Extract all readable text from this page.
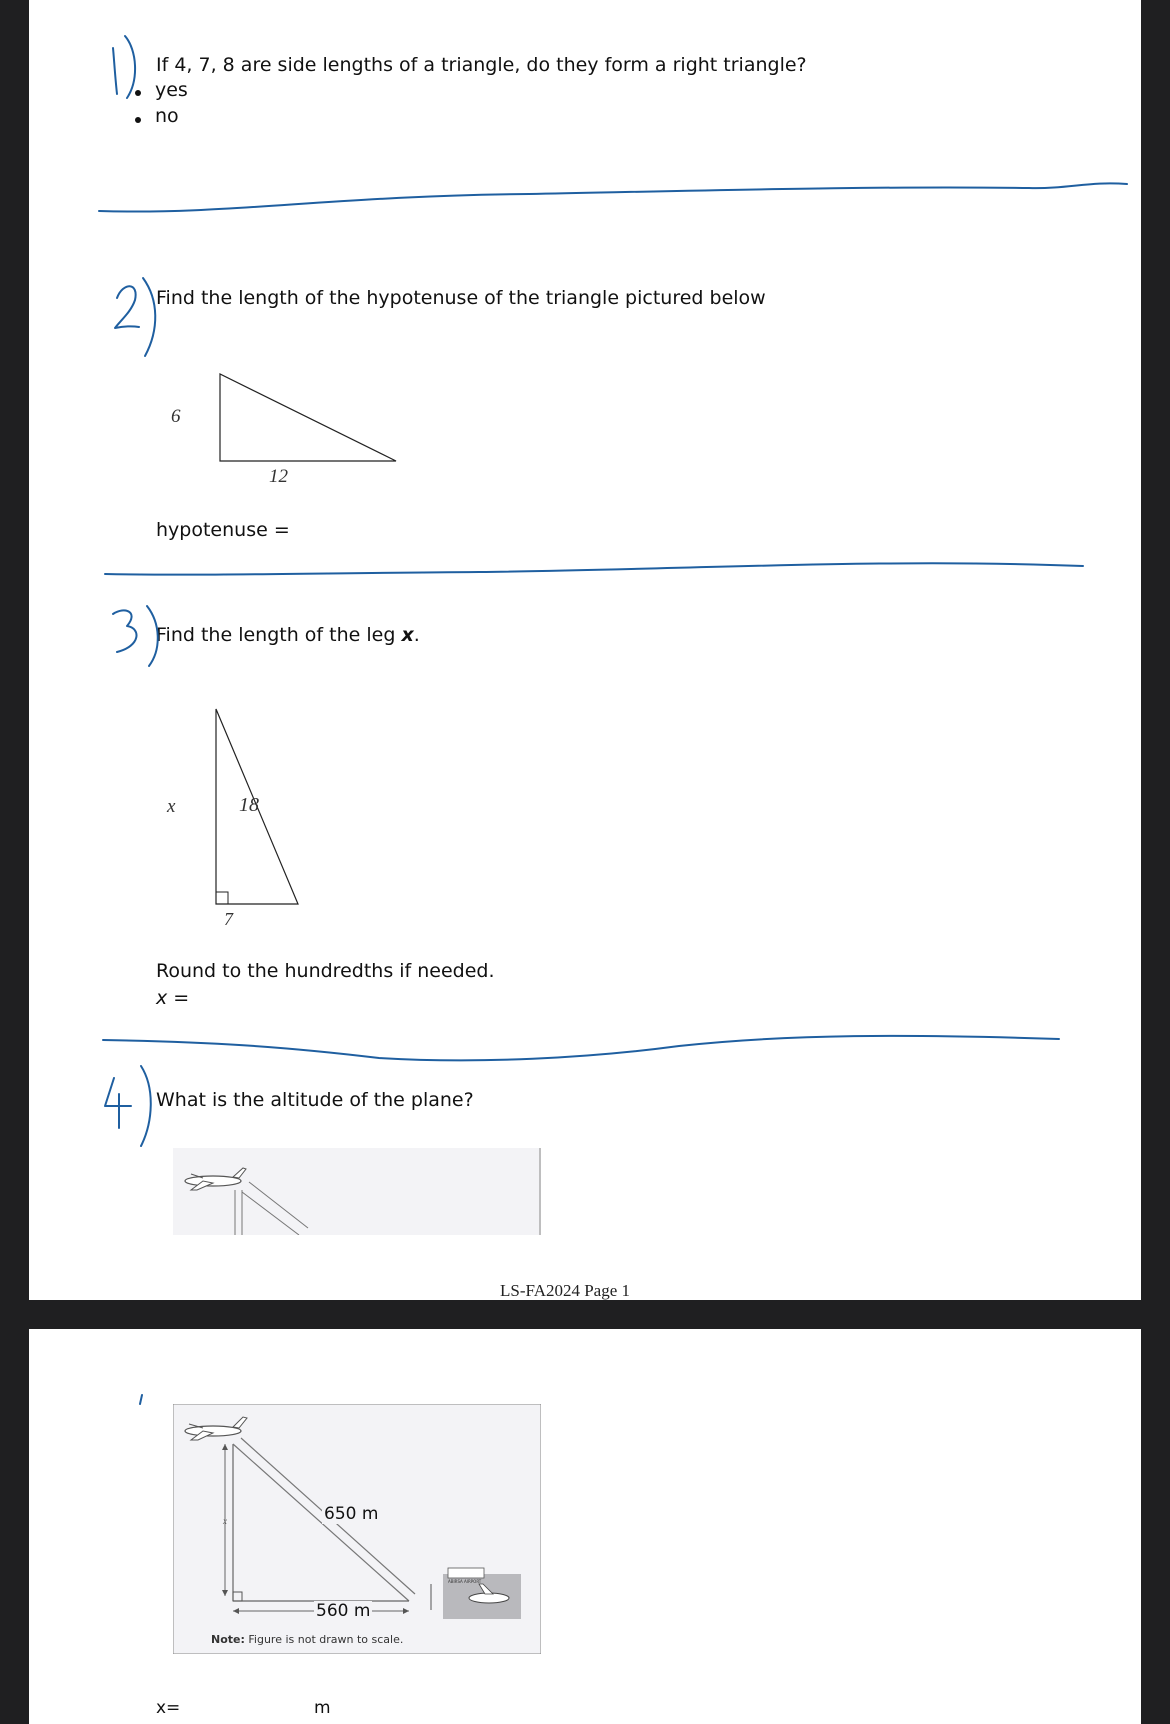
If 4, 7, 8 are side lengths of a triangle, do they form a right triangle?
yes
no
Find the length of the hypotenuse of the triangle pictured below
6
12
hypotenuse =
Find the length of the leg x.
x	18
7
Round to the hundredths if needed.
x =
What is the altitude of the plane?
LS-FA2024 Page 1
650 m
560 m
x
ABIRSA AIRPORT
Note: Figure is not drawn to scale.
x=	m
